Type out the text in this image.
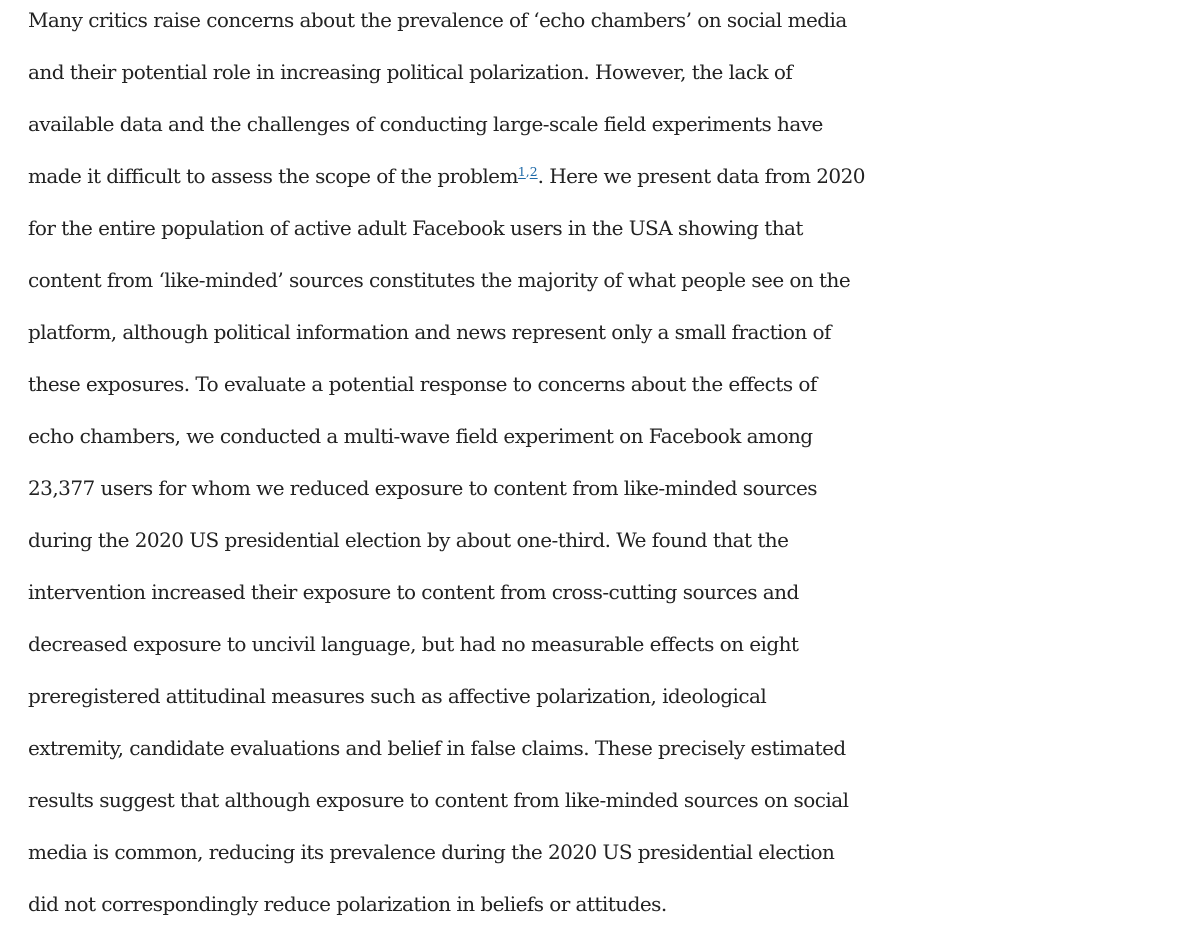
Many critics raise concerns about the prevalence of ‘echo chambers’ on social media
and their potential role in increasing political polarization. However, the lack of
available data and the challenges of conducting large-scale field experiments have
made it difficult to assess the scope of the problem$^{1,2}$. Here we present data from 2020
for the entire population of active adult Facebook users in the USA showing that
content from ‘like-minded’ sources constitutes the majority of what people see on the
platform, although political information and news represent only a small fraction of
these exposures. To evaluate a potential response to concerns about the effects of
echo chambers, we conducted a multi-wave field experiment on Facebook among
23,377 users for whom we reduced exposure to content from like-minded sources
during the 2020 US presidential election by about one-third. We found that the
intervention increased their exposure to content from cross-cutting sources and
decreased exposure to uncivil language, but had no measurable effects on eight
preregistered attitudinal measures such as affective polarization, ideological
extremity, candidate evaluations and belief in false claims. These precisely estimated
results suggest that although exposure to content from like-minded sources on social
media is common, reducing its prevalence during the 2020 US presidential election
did not correspondingly reduce polarization in beliefs or attitudes.
